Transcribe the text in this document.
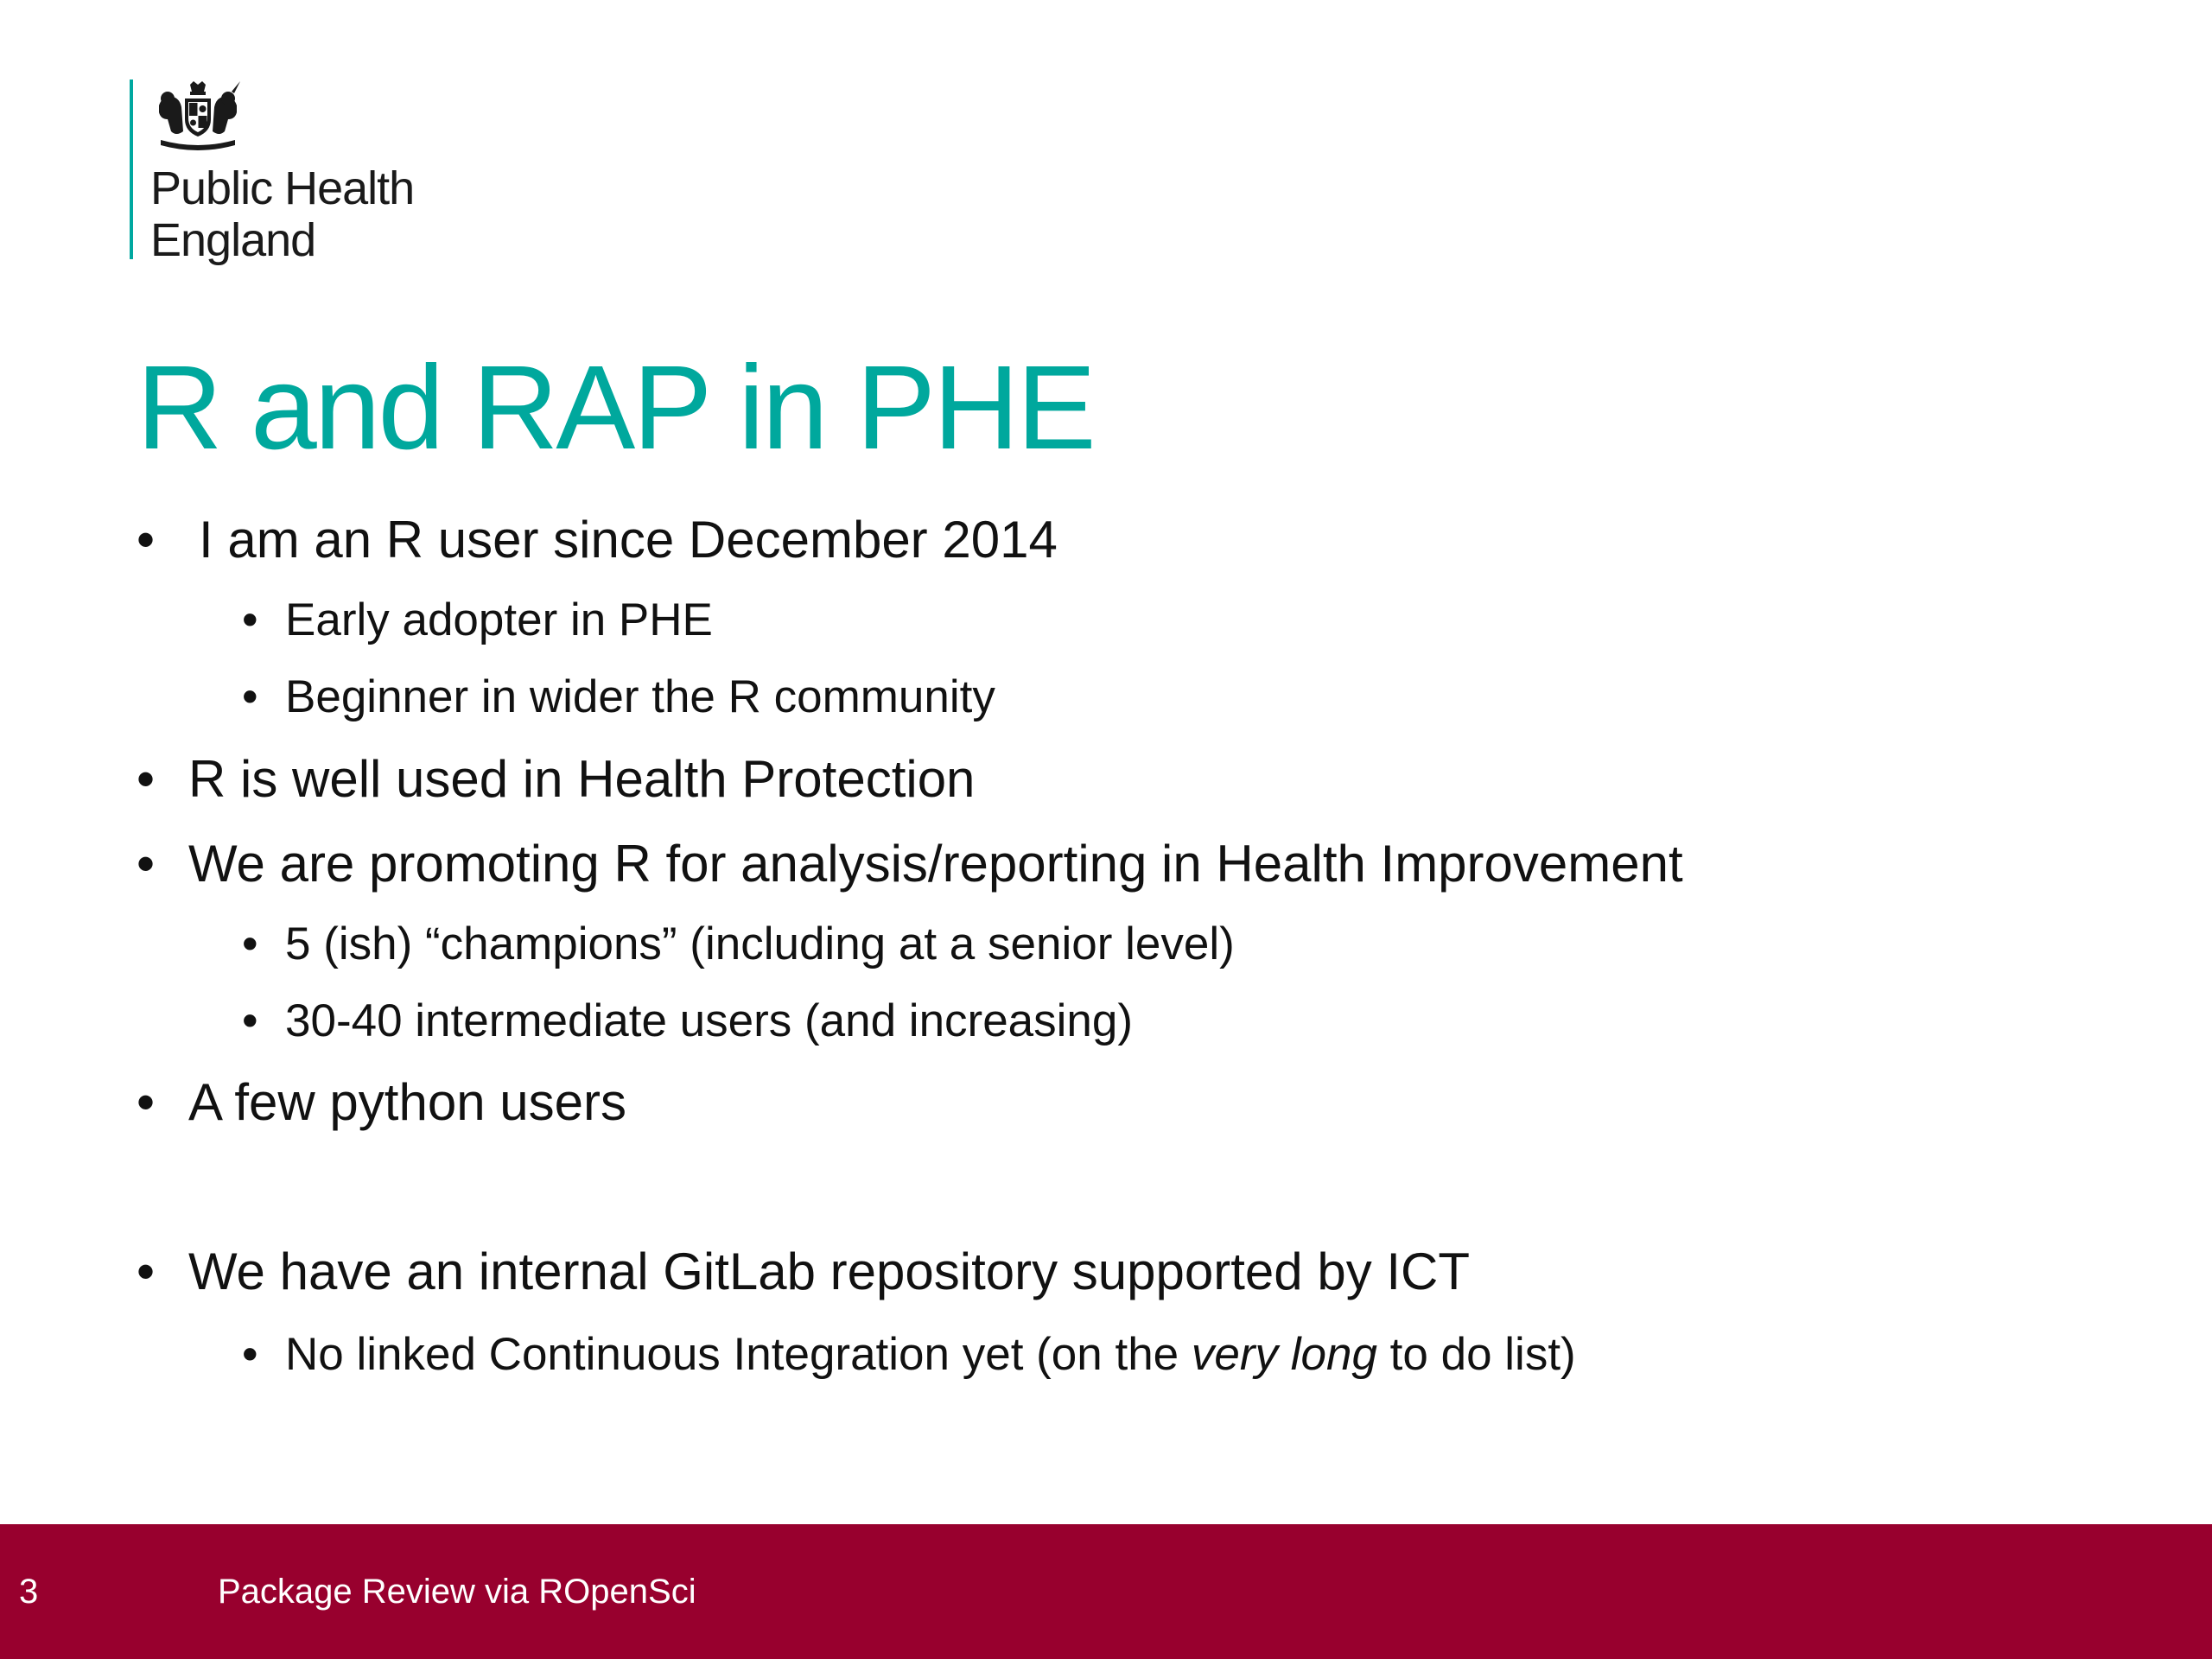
Public Health
England
R and RAP in PHE
• I am an R user since December 2014
• Early adopter in PHE
• Beginner in wider the R community
• R is well used in Health Protection
• We are promoting R for analysis/reporting in Health Improvement
• 5 (ish) “champions” (including at a senior level)
• 30-40 intermediate users (and increasing)
• A few python users
• We have an internal GitLab repository supported by ICT
• No linked Continuous Integration yet (on the very long to do list)
3	Package Review via ROpenSci
